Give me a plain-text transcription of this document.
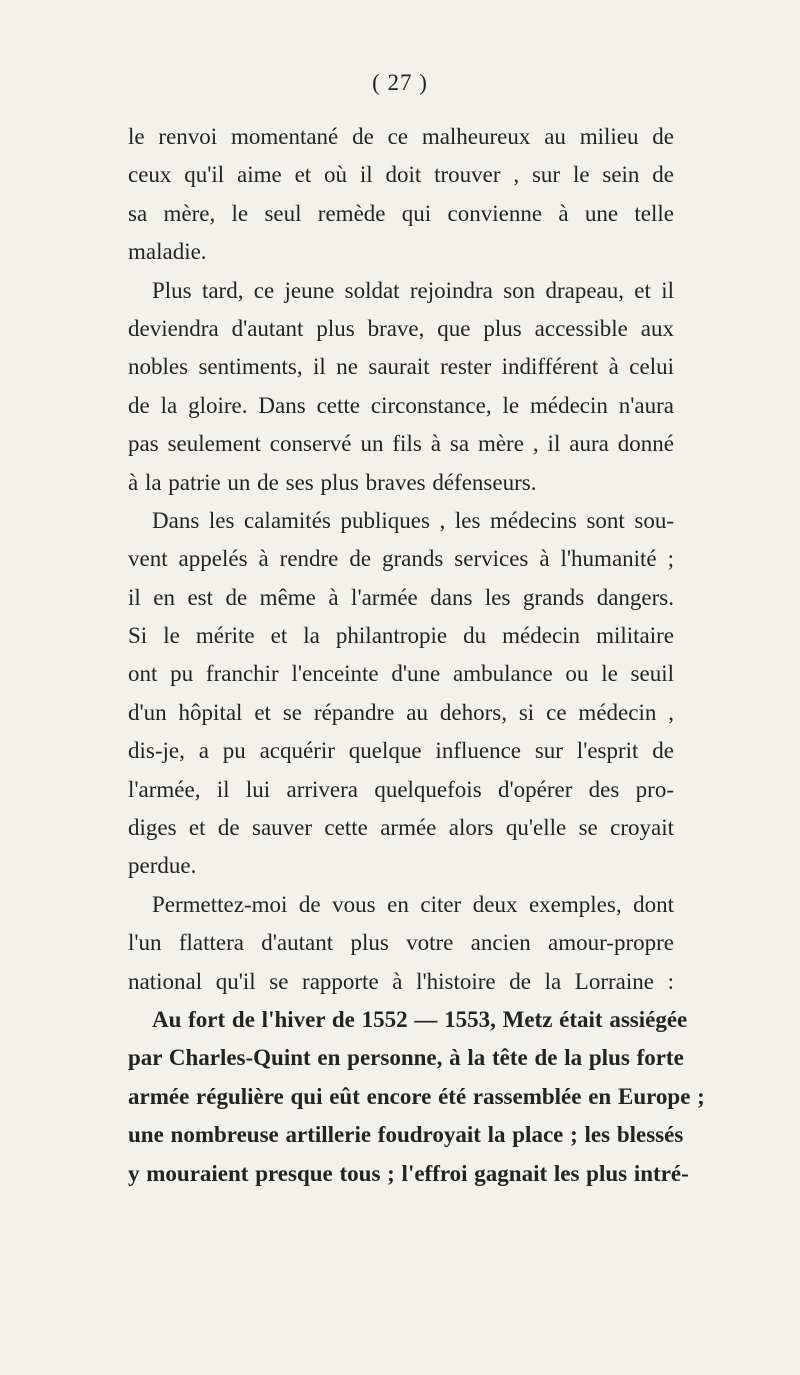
( 27 )
le renvoi momentané de ce malheureux au milieu de
ceux qu'il aime et où il doit trouver , sur le sein de
sa mère, le seul remède qui convienne à une telle
maladie.
Plus tard, ce jeune soldat rejoindra son drapeau, et il
deviendra d'autant plus brave, que plus accessible aux
nobles sentiments, il ne saurait rester indifférent à celui
de la gloire. Dans cette circonstance, le médecin n'aura
pas seulement conservé un fils à sa mère , il aura donné
à la patrie un de ses plus braves défenseurs.
Dans les calamités publiques , les médecins sont sou-
vent appelés à rendre de grands services à l'humanité ;
il en est de même à l'armée dans les grands dangers.
Si le mérite et la philantropie du médecin militaire
ont pu franchir l'enceinte d'une ambulance ou le seuil
d'un hôpital et se répandre au dehors, si ce médecin ,
dis-je, a pu acquérir quelque influence sur l'esprit de
l'armée, il lui arrivera quelquefois d'opérer des pro-
diges et de sauver cette armée alors qu'elle se croyait
perdue.
Permettez-moi de vous en citer deux exemples, dont
l'un flattera d'autant plus votre ancien amour-propre
national qu'il se rapporte à l'histoire de la Lorraine :
Au fort de l'hiver de 1552 — 1553, Metz était assiégée
par Charles-Quint en personne, à la tête de la plus forte
armée régulière qui eût encore été rassemblée en Europe ;
une nombreuse artillerie foudroyait la place ; les blessés
y mouraient presque tous ; l'effroi gagnait les plus intré-
